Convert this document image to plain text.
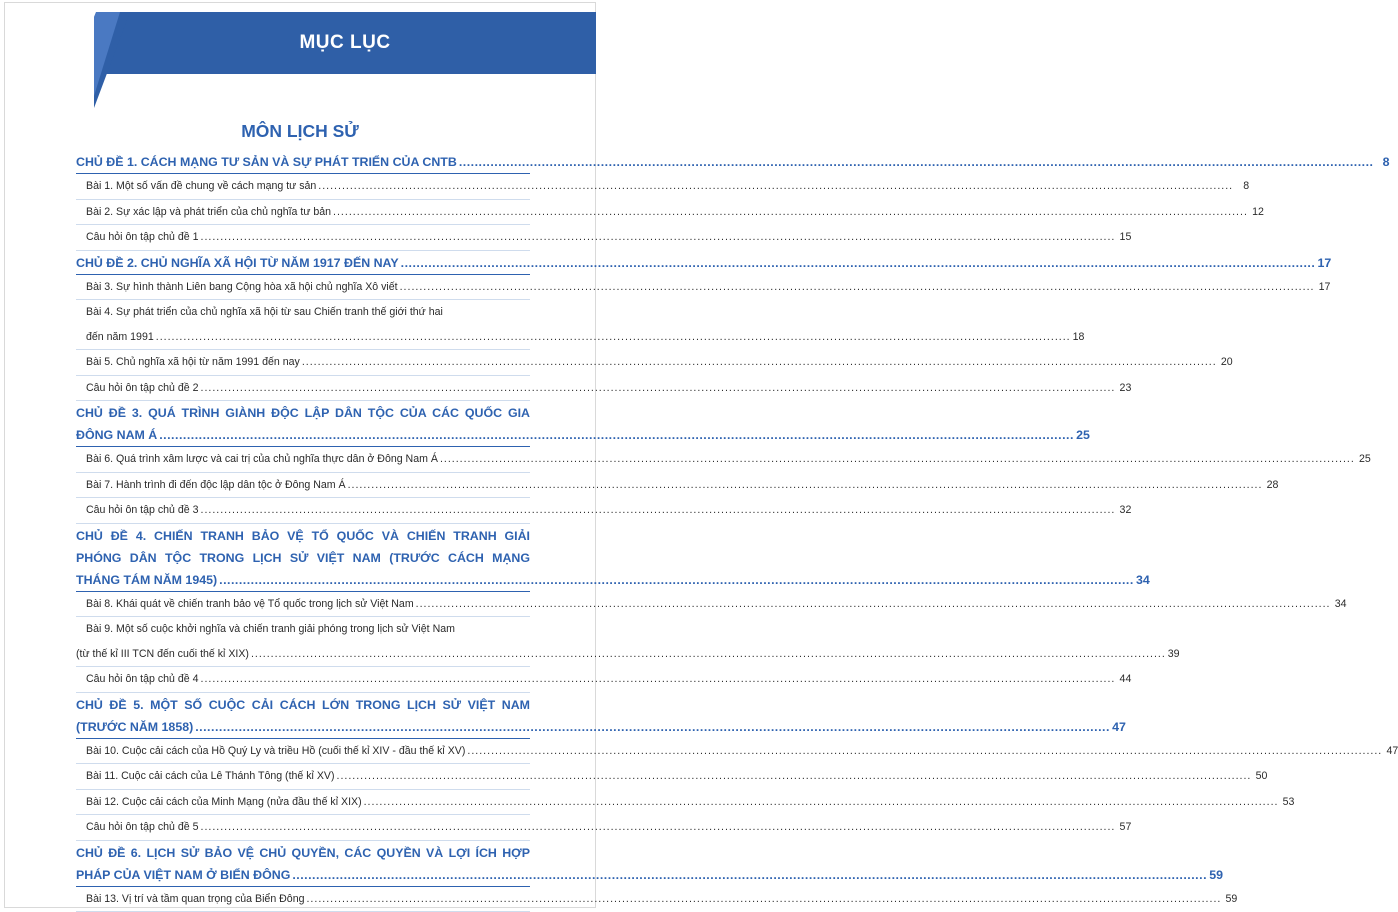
MỤC LỤC
MÔN LỊCH SỬ
CHỦ ĐỀ 1. CÁCH MẠNG TƯ SẢN VÀ SỰ PHÁT TRIỂN CỦA CNTB .....	8
Bài 1. Một số vấn đề chung về cách mạng tư sản .....	8
Bài 2. Sự xác lập và phát triển của chủ nghĩa tư bản .....	12
Câu hỏi ôn tập chủ đề 1 .....	15
CHỦ ĐỀ 2. CHỦ NGHĨA XÃ HỘI TỪ NĂM 1917 ĐẾN NAY .....	17
Bài 3. Sự hình thành Liên bang Cộng hòa xã hội chủ nghĩa Xô viết .....	17
Bài 4. Sự phát triển của chủ nghĩa xã hội từ sau Chiến tranh thế giới thứ hai
đến năm 1991 .....	18
Bài 5. Chủ nghĩa xã hội từ năm 1991 đến nay .....	20
Câu hỏi ôn tập chủ đề 2 .....	23
CHỦ ĐỀ 3. QUÁ TRÌNH GIÀNH ĐỘC LẬP DÂN TỘC CỦA CÁC QUỐC GIA
ĐÔNG NAM Á .....	25
Bài 6. Quá trình xâm lược và cai trị của chủ nghĩa thực dân ở Đông Nam Á .....	25
Bài 7. Hành trình đi đến độc lập dân tộc ở Đông Nam Á .....	28
Câu hỏi ôn tập chủ đề 3 .....	32
CHỦ ĐỀ 4. CHIẾN TRANH BẢO VỆ TỔ QUỐC VÀ CHIẾN TRANH GIẢI
PHÓNG DÂN TỘC TRONG LỊCH SỬ VIỆT NAM (TRƯỚC CÁCH MẠNG
THÁNG TÁM NĂM 1945) .....	34
Bài 8. Khái quát về chiến tranh bảo vệ Tổ quốc trong lịch sử Việt Nam .....	34
Bài 9. Một số cuộc khởi nghĩa và chiến tranh giải phóng trong lịch sử Việt Nam
(từ thế kỉ III TCN đến cuối thế kỉ XIX) .....	39
Câu hỏi ôn tập chủ đề 4 .....	44
CHỦ ĐỀ 5. MỘT SỐ CUỘC CẢI CÁCH LỚN TRONG LỊCH SỬ VIỆT NAM
(TRƯỚC NĂM 1858) .....	47
Bài 10. Cuộc cải cách của Hồ Quý Ly và triều Hồ (cuối thế kỉ XIV - đầu thế kỉ XV) .....	47
Bài 11. Cuộc cải cách của Lê Thánh Tông (thế kỉ XV) .....	50
Bài 12. Cuộc cải cách của Minh Mạng (nửa đầu thế kỉ XIX) .....	53
Câu hỏi ôn tập chủ đề 5 .....	57
CHỦ ĐỀ 6. LỊCH SỬ BẢO VỆ CHỦ QUYỀN, CÁC QUYỀN VÀ LỢI ÍCH HỢP
PHÁP CỦA VIỆT NAM Ở BIỂN ĐÔNG .....	59
Bài 13. Vị trí và tầm quan trọng của Biển Đông .....	59
